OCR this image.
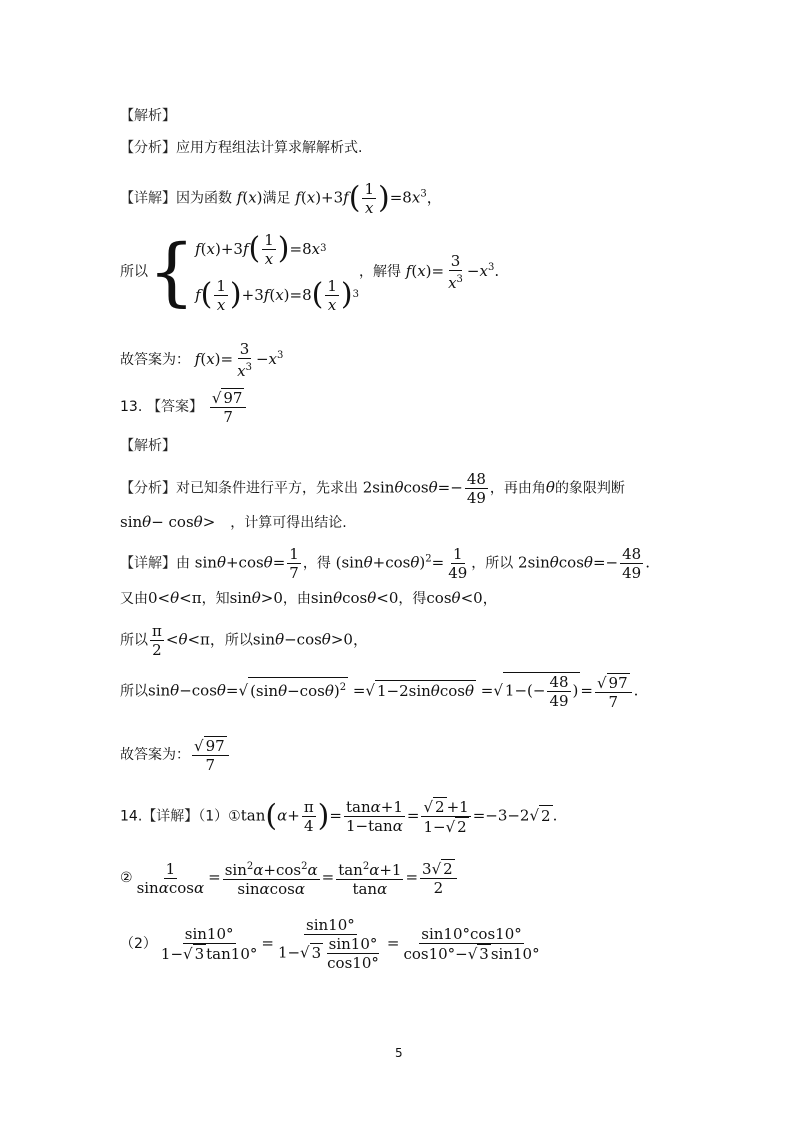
【解析】
【分析】应用方程组法计算求解解析式.
【详解】因为函数 f(x)满足 $f(x)+3f( \frac{1}{x} )=8x^3$，
所以{ f ( x )+3 f ( $\frac{1}{x}$ ) =8 x 3
f ( $\frac{1}{x}$ ) +3 f ( x )=8 ( $\frac{1}{x}$ ) 3
，解得 $f(x)= \frac{3}{x^3} -x^3$.
故答案为： $f(x)= \frac{3}{x^3} -x^3$
13. 【答案】 $\frac{√ 97}{7}$
【解析】
【分析】对已知条件进行平方，先求出 $2\sin\theta\cos\theta=- \frac{48}{49}$ ，再由角θ的象限判断
sinθ− cosθ>　，计算可得出结论.
【详解】由 $\sin\theta+\cos\theta= \frac{1}{7}$ ，得 $(\sin\theta+\cos\theta)^2= \frac{1}{49}$ ，所以 $2\sin\theta\cos\theta=- \frac{48}{49}$ .
又由0<θ<π，知sinθ>0，由sinθcosθ<0，得cosθ<0，
所以 $\frac{\pi}{2} <\theta<\pi$，所以sinθ−cosθ>0，
所以sinθ−cosθ=√ $(\sin\theta-\cos\theta)^2$ =√ 1−2sinθcosθ =√ $1-(- \frac{48}{49}$ ) = $\frac{√ 97}{7}$ .
故答案为： $\frac{√ 97}{7}$
14.【详解】（1）①tan(α+ $\frac{\pi}{4}$ )= $\frac{\tan\alpha+1}{1-\tan\alpha} = \frac{√ 2 +1}{1-√ 2} =-3-2√$ 2 .
② $\frac{1}{\sin\alpha\cos\alpha} = \frac{\sin^2\alpha+\cos^2\alpha}{\sin\alpha\cos\alpha} = \frac{\tan^2\alpha+1}{\tan\alpha} = \frac{3√ 2}{2}$
$(2) \frac{\sin 10^\circ}{1-√ 3 \tan 10^\circ} = \frac{\sin 10^\circ}{1-√ 3 \frac{\sin 10^\circ}{\cos 10^\circ}} = \frac{\sin 10^\circ\cos 10^\circ}{\cos 10^\circ-√ 3 \sin 10^\circ}$
5
